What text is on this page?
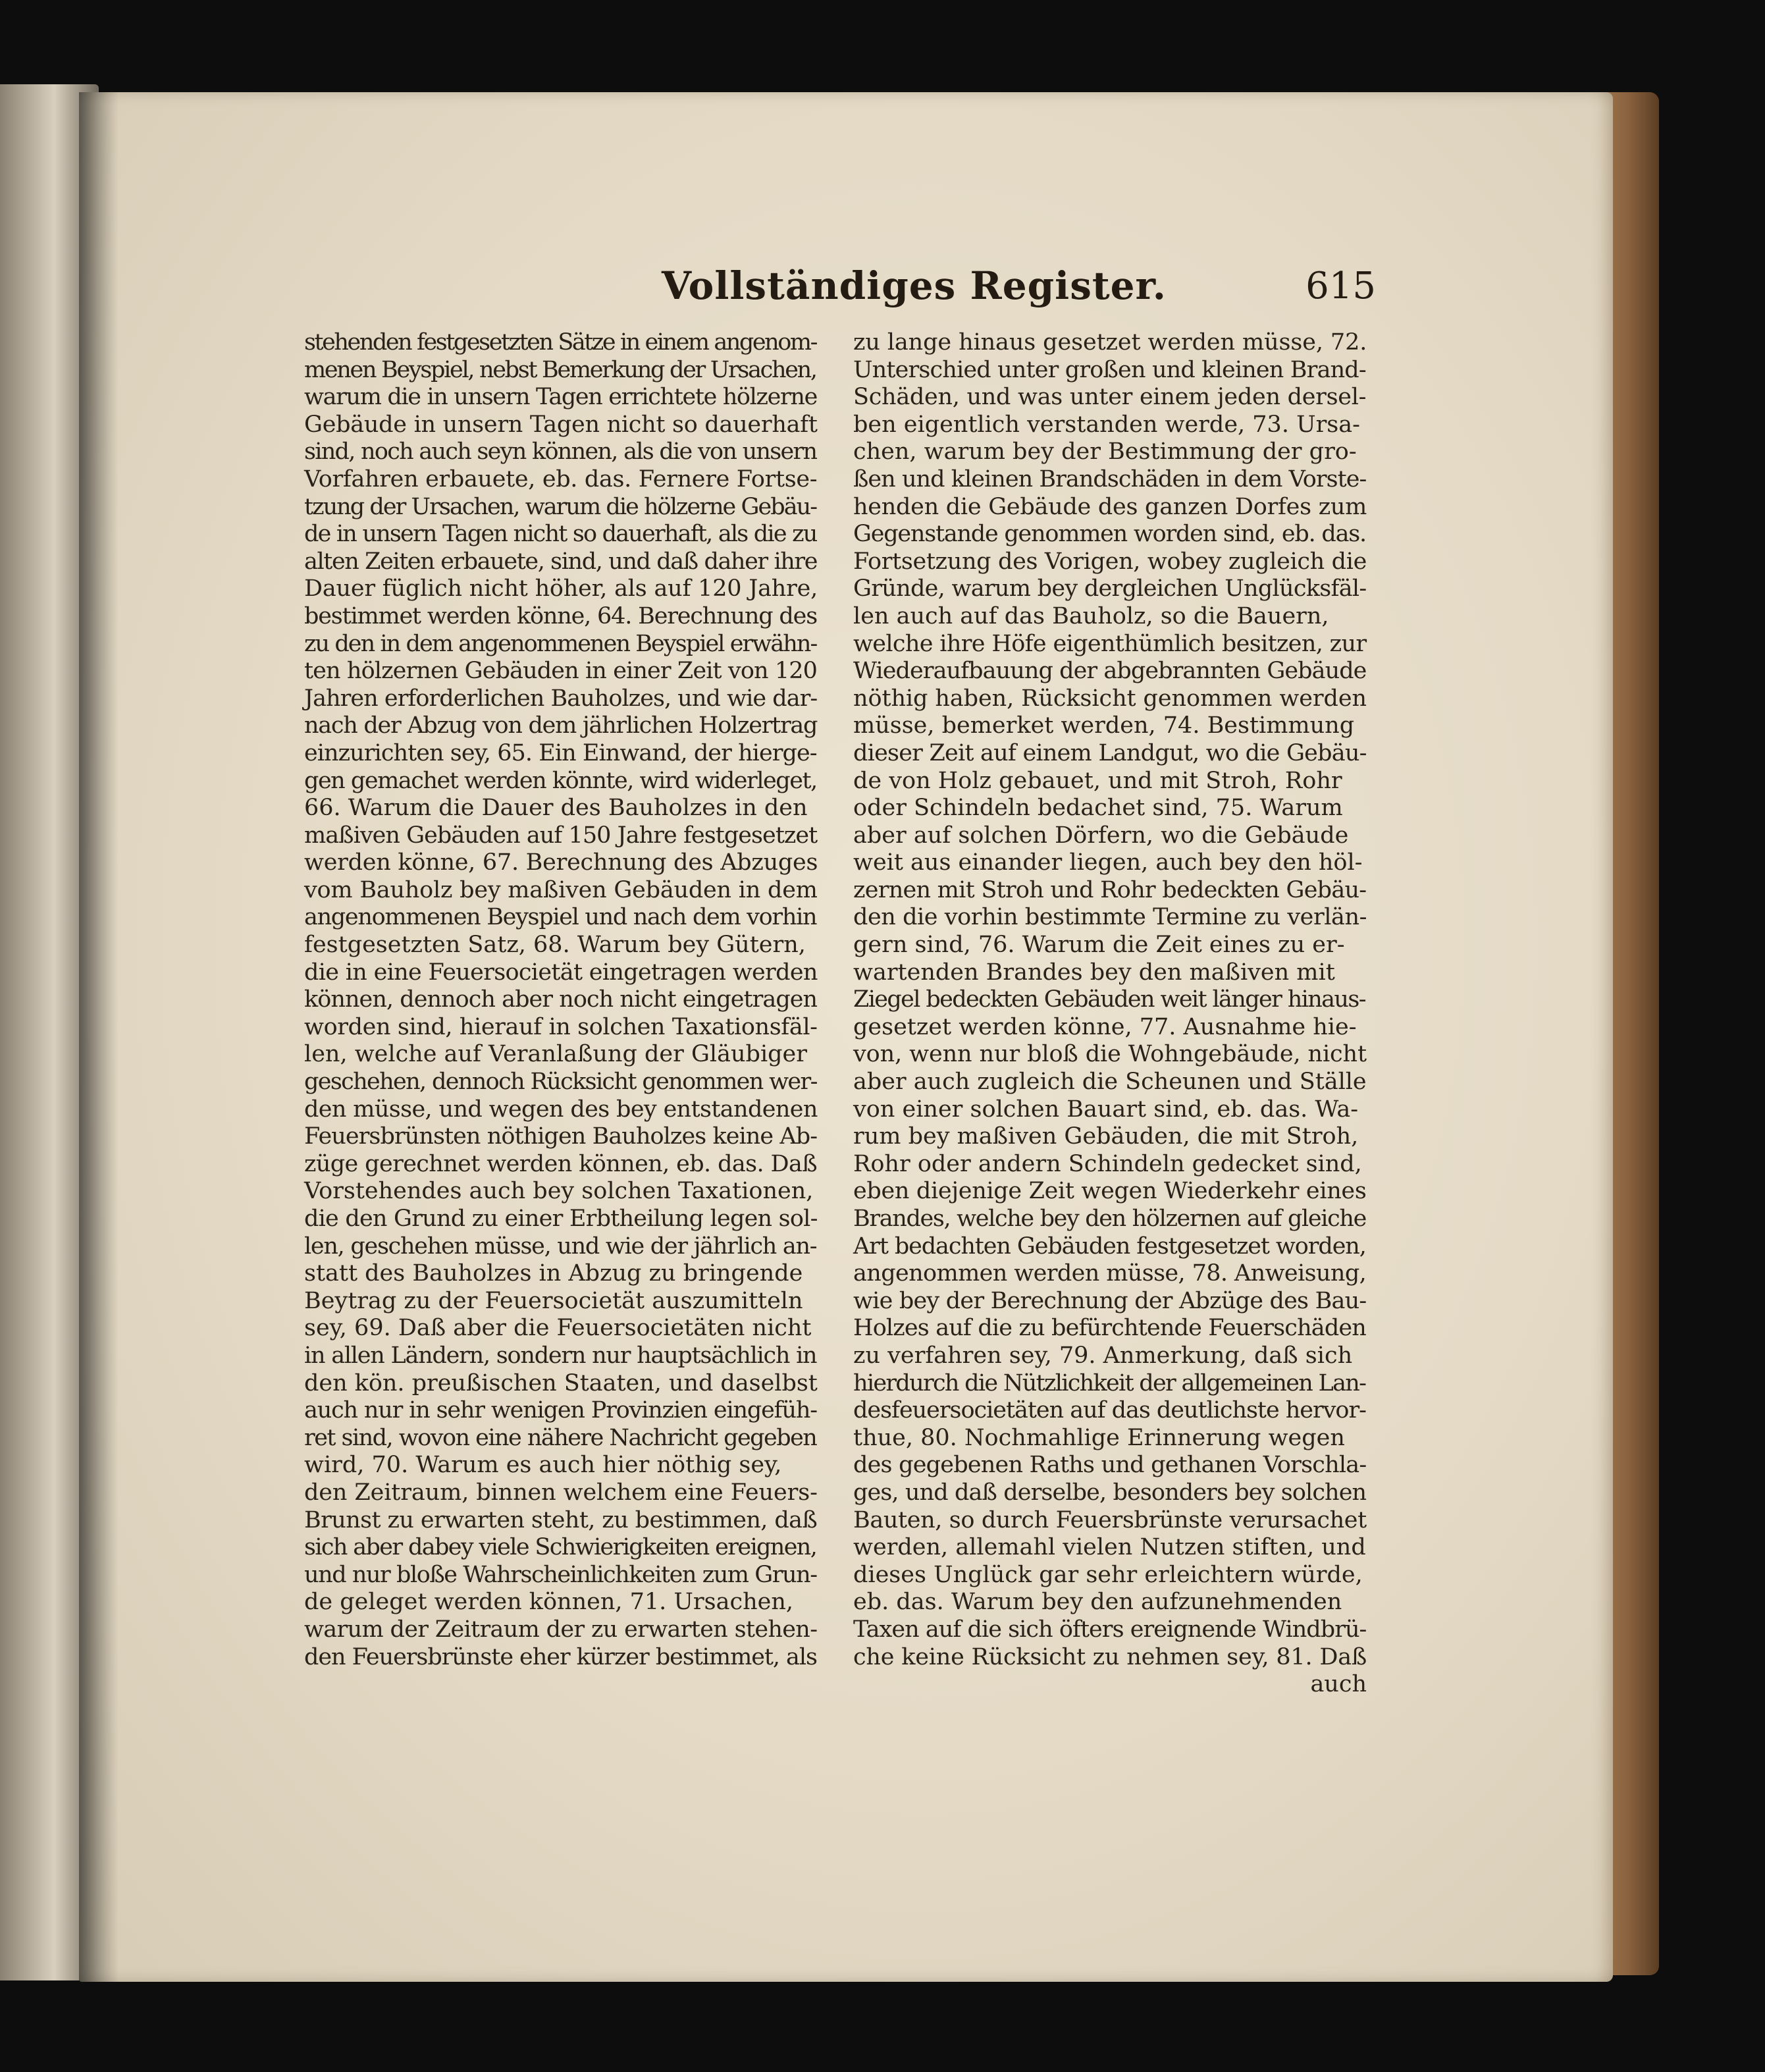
Vollständiges Register.	615
stehenden festgesetzten Sätze in einem angenom-
menen Beyspiel, nebst Bemerkung der Ursachen,
warum die in unsern Tagen errichtete hölzerne
Gebäude in unsern Tagen nicht so dauerhaft
sind, noch auch seyn können, als die von unsern
Vorfahren erbauete, eb. das. Fernere Fortse-
tzung der Ursachen, warum die hölzerne Gebäu-
de in unsern Tagen nicht so dauerhaft, als die zu
alten Zeiten erbauete, sind, und daß daher ihre
Dauer füglich nicht höher, als auf 120 Jahre,
bestimmet werden könne, 64. Berechnung des
zu den in dem angenommenen Beyspiel erwähn-
ten hölzernen Gebäuden in einer Zeit von 120
Jahren erforderlichen Bauholzes, und wie dar-
nach der Abzug von dem jährlichen Holzertrag
einzurichten sey, 65. Ein Einwand, der hierge-
gen gemachet werden könnte, wird widerleget,
66. Warum die Dauer des Bauholzes in den
maßiven Gebäuden auf 150 Jahre festgesetzet
werden könne, 67. Berechnung des Abzuges
vom Bauholz bey maßiven Gebäuden in dem
angenommenen Beyspiel und nach dem vorhin
festgesetzten Satz, 68. Warum bey Gütern,
die in eine Feuersocietät eingetragen werden
können, dennoch aber noch nicht eingetragen
worden sind, hierauf in solchen Taxationsfäl-
len, welche auf Veranlaßung der Gläubiger
geschehen, dennoch Rücksicht genommen wer-
den müsse, und wegen des bey entstandenen
Feuersbrünsten nöthigen Bauholzes keine Ab-
züge gerechnet werden können, eb. das. Daß
Vorstehendes auch bey solchen Taxationen,
die den Grund zu einer Erbtheilung legen sol-
len, geschehen müsse, und wie der jährlich an-
statt des Bauholzes in Abzug zu bringende
Beytrag zu der Feuersocietät auszumitteln
sey, 69. Daß aber die Feuersocietäten nicht
in allen Ländern, sondern nur hauptsächlich in
den kön. preußischen Staaten, und daselbst
auch nur in sehr wenigen Provinzien eingefüh-
ret sind, wovon eine nähere Nachricht gegeben
wird, 70. Warum es auch hier nöthig sey,
den Zeitraum, binnen welchem eine Feuers-
Brunst zu erwarten steht, zu bestimmen, daß
sich aber dabey viele Schwierigkeiten ereignen,
und nur bloße Wahrscheinlichkeiten zum Grun-
de geleget werden können, 71. Ursachen,
warum der Zeitraum der zu erwarten stehen-
den Feuersbrünste eher kürzer bestimmet, als
zu lange hinaus gesetzet werden müsse, 72.
Unterschied unter großen und kleinen Brand-
Schäden, und was unter einem jeden dersel-
ben eigentlich verstanden werde, 73. Ursa-
chen, warum bey der Bestimmung der gro-
ßen und kleinen Brandschäden in dem Vorste-
henden die Gebäude des ganzen Dorfes zum
Gegenstande genommen worden sind, eb. das.
Fortsetzung des Vorigen, wobey zugleich die
Gründe, warum bey dergleichen Unglücksfäl-
len auch auf das Bauholz, so die Bauern,
welche ihre Höfe eigenthümlich besitzen, zur
Wiederaufbauung der abgebrannten Gebäude
nöthig haben, Rücksicht genommen werden
müsse, bemerket werden, 74. Bestimmung
dieser Zeit auf einem Landgut, wo die Gebäu-
de von Holz gebauet, und mit Stroh, Rohr
oder Schindeln bedachet sind, 75. Warum
aber auf solchen Dörfern, wo die Gebäude
weit aus einander liegen, auch bey den höl-
zernen mit Stroh und Rohr bedeckten Gebäu-
den die vorhin bestimmte Termine zu verlän-
gern sind, 76. Warum die Zeit eines zu er-
wartenden Brandes bey den maßiven mit
Ziegel bedeckten Gebäuden weit länger hinaus-
gesetzet werden könne, 77. Ausnahme hie-
von, wenn nur bloß die Wohngebäude, nicht
aber auch zugleich die Scheunen und Ställe
von einer solchen Bauart sind, eb. das. Wa-
rum bey maßiven Gebäuden, die mit Stroh,
Rohr oder andern Schindeln gedecket sind,
eben diejenige Zeit wegen Wiederkehr eines
Brandes, welche bey den hölzernen auf gleiche
Art bedachten Gebäuden festgesetzet worden,
angenommen werden müsse, 78. Anweisung,
wie bey der Berechnung der Abzüge des Bau-
Holzes auf die zu befürchtende Feuerschäden
zu verfahren sey, 79. Anmerkung, daß sich
hierdurch die Nützlichkeit der allgemeinen Lan-
desfeuersocietäten auf das deutlichste hervor-
thue, 80. Nochmahlige Erinnerung wegen
des gegebenen Raths und gethanen Vorschla-
ges, und daß derselbe, besonders bey solchen
Bauten, so durch Feuersbrünste verursachet
werden, allemahl vielen Nutzen stiften, und
dieses Unglück gar sehr erleichtern würde,
eb. das. Warum bey den aufzunehmenden
Taxen auf die sich öfters ereignende Windbrü-
che keine Rücksicht zu nehmen sey, 81. Daß
auch
